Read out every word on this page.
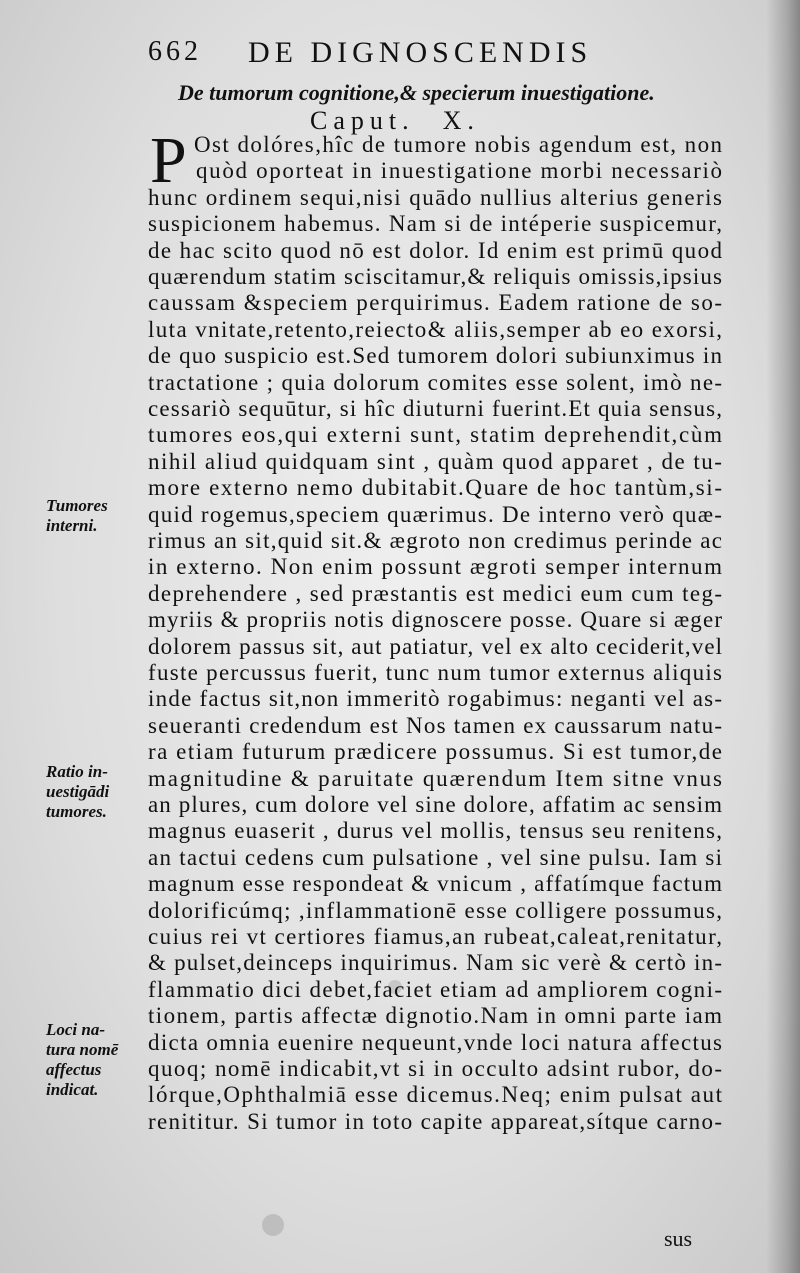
662 DE DIGNOSCENDIS
De tumorum cognitione,& specierum inuestigatione.
Caput. X.
P Ost dolóres,hîc de tumore nobis agendum est, non
quòd oporteat in inuestigatione morbi necessariò
hunc ordinem sequi,nisi quādo nullius alterius generis
suspicionem habemus. Nam si de intéperie suspicemur,
de hac scito quod nō est dolor. Id enim est primū quod
quærendum statim sciscitamur,& reliquis omissis,ipsius
caussam &speciem perquirimus. Eadem ratione de so-
luta vnitate,retento,reiecto& aliis,semper ab eo exorsi,
de quo suspicio est.Sed tumorem dolori subiunximus in
tractatione ; quia dolorum comites esse solent, imò ne-
cessariò sequūtur, si hîc diuturni fuerint.Et quia sensus,
tumores eos,qui externi sunt, statim deprehendit,cùm
nihil aliud quidquam sint , quàm quod apparet , de tu-
more externo nemo dubitabit.Quare de hoc tantùm,si-
quid rogemus,speciem quærimus. De interno verò quæ-
rimus an sit,quid sit.& ægroto non credimus perinde ac
in externo. Non enim possunt ægroti semper internum
deprehendere , sed præstantis est medici eum cum teg-
myriis & propriis notis dignoscere posse. Quare si æger
dolorem passus sit, aut patiatur, vel ex alto ceciderit,vel
fuste percussus fuerit, tunc num tumor externus aliquis
inde factus sit,non immeritò rogabimus: neganti vel as-
seueranti credendum est Nos tamen ex caussarum natu-
ra etiam futurum prædicere possumus. Si est tumor,de
magnitudine & paruitate quærendum Item sitne vnus
an plures, cum dolore vel sine dolore, affatim ac sensim
magnus euaserit , durus vel mollis, tensus seu renitens,
an tactui cedens cum pulsatione , vel sine pulsu. Iam si
magnum esse respondeat & vnicum , affatímque factum
dolorificúmq; ,inflammationē esse colligere possumus,
cuius rei vt certiores fiamus,an rubeat,caleat,renitatur,
& pulset,deinceps inquirimus. Nam sic verè & certò in-
flammatio dici debet,faciet etiam ad ampliorem cogni-
tionem, partis affectæ dignotio.Nam in omni parte iam
dicta omnia euenire nequeunt,vnde loci natura affectus
quoq; nomē indicabit,vt si in occulto adsint rubor, do-
lórque,Ophthalmiā esse dicemus.Neq; enim pulsat aut
renititur. Si tumor in toto capite appareat,sítque carno-
Tumores
interni.
Ratio in-
uestigādi
tumores.
Loci na-
tura nomē
affectus
indicat.
sus
